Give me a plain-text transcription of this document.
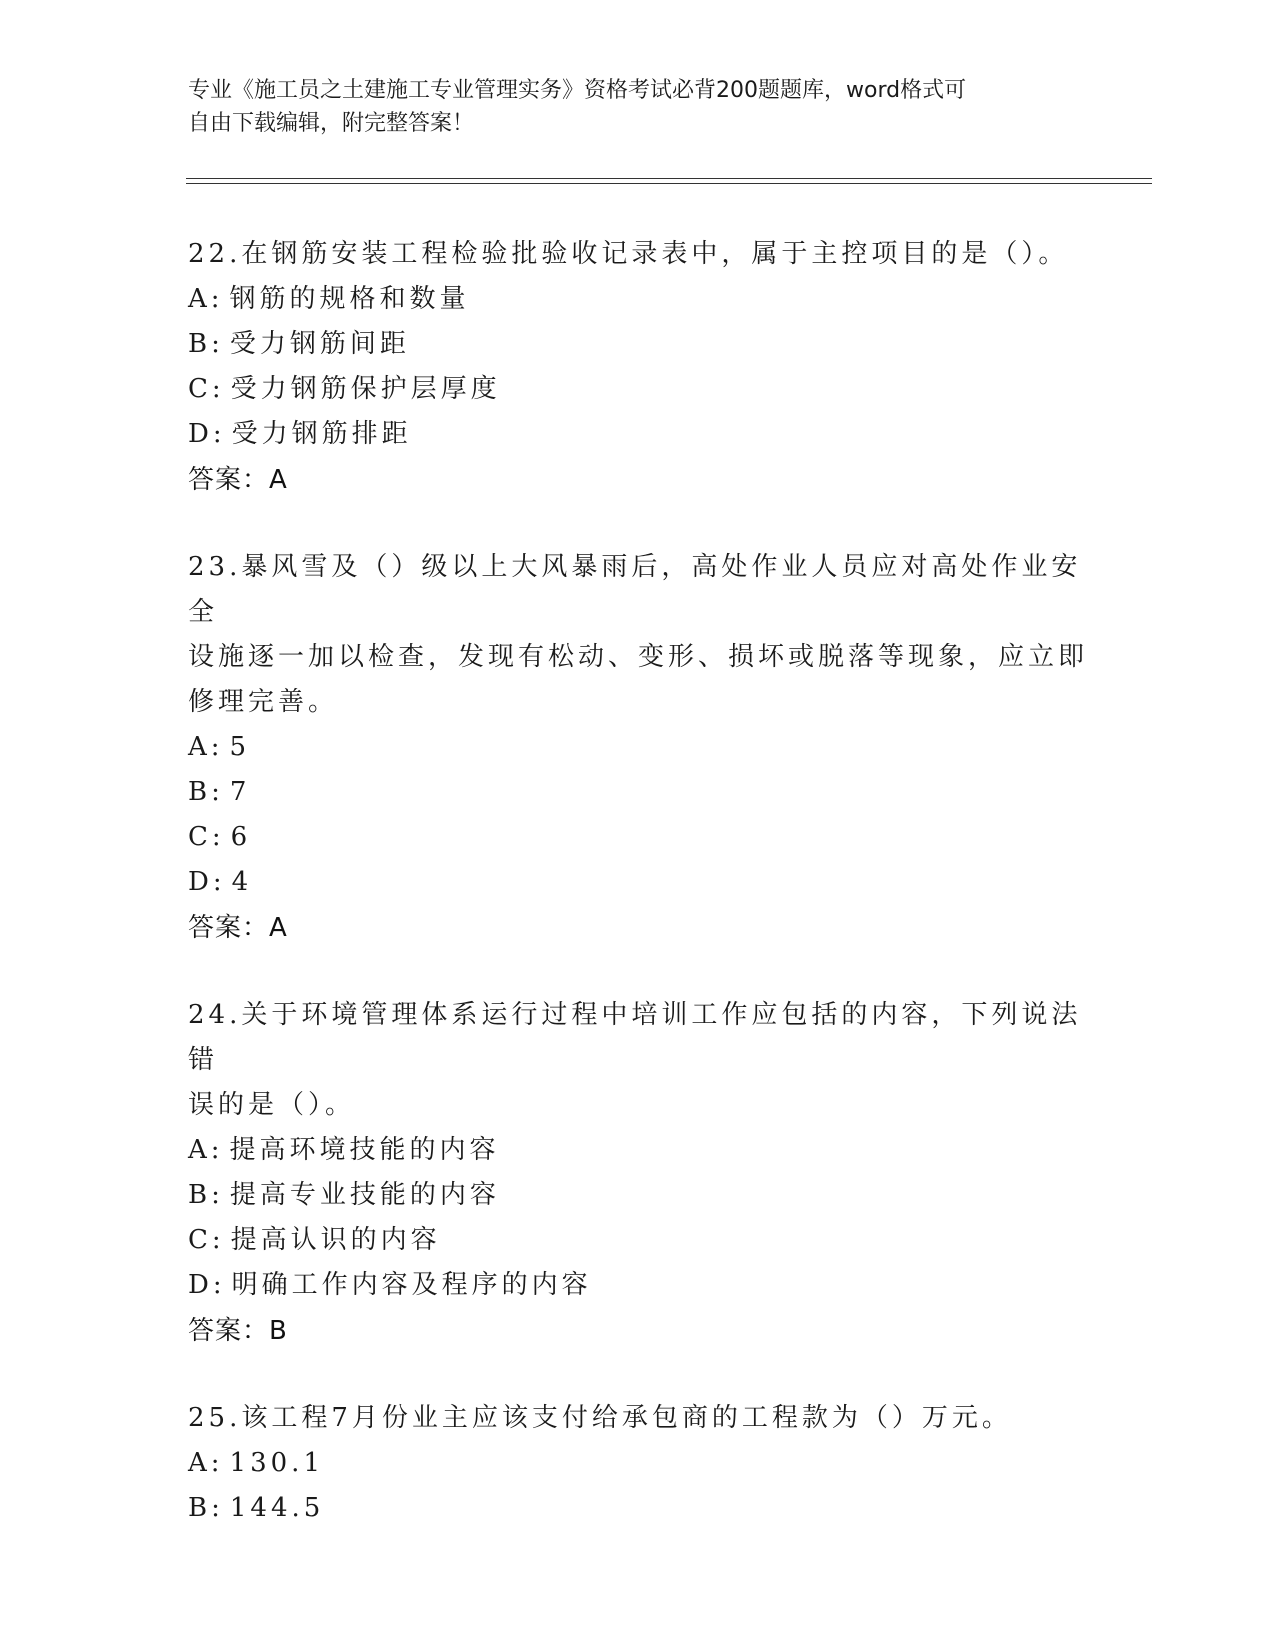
专业《施工员之土建施工专业管理实务》资格考试必背200题题库，word格式可
自由下载编辑，附完整答案！

22.在钢筋安装工程检验批验收记录表中，属于主控项目的是（）。

A: 钢筋的规格和数量

B: 受力钢筋间距

C: 受力钢筋保护层厚度

D: 受力钢筋排距

答案：A

23.暴风雪及（）级以上大风暴雨后，高处作业人员应对高处作业安全

设施逐一加以检查，发现有松动、变形、损坏或脱落等现象，应立即

修理完善。

A: 5

B: 7

C: 6

D: 4

答案：A

24.关于环境管理体系运行过程中培训工作应包括的内容，下列说法错

误的是（）。

A: 提高环境技能的内容

B: 提高专业技能的内容

C: 提高认识的内容

D: 明确工作内容及程序的内容

答案：B

25.该工程7月份业主应该支付给承包商的工程款为（）万元。

A: 130.1

B: 144.5
